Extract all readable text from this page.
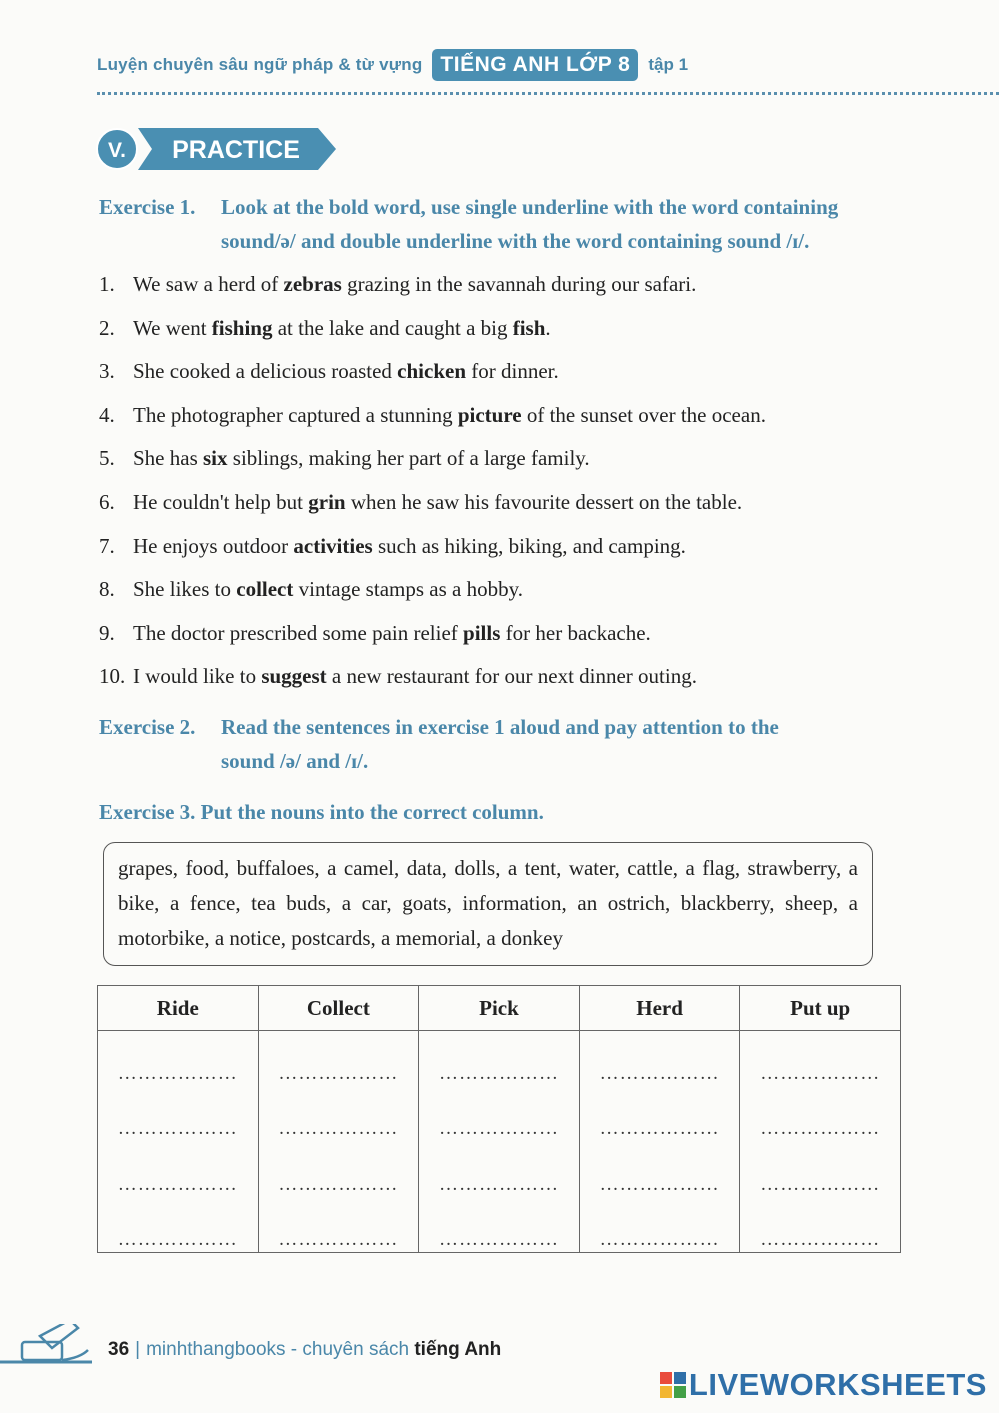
Luyện chuyên sâu ngữ pháp & từ vựng TIẾNG ANH LỚP 8	tập 1
V. PRACTICE
Exercise 1. Look at the bold word, use single underline with the word containing
sound/ə/ and double underline with the word containing sound /ɪ/.
1. We saw a herd of zebras grazing in the savannah during our safari.
2. We went fishing at the lake and caught a big fish.
3. She cooked a delicious roasted chicken for dinner.
4. The photographer captured a stunning picture of the sunset over the ocean.
5. She has six siblings, making her part of a large family.
6. He couldn't help but grin when he saw his favourite dessert on the table.
7. He enjoys outdoor activities such as hiking, biking, and camping.
8. She likes to collect vintage stamps as a hobby.
9. The doctor prescribed some pain relief pills for her backache.
10. I would like to suggest a new restaurant for our next dinner outing.
Exercise 2. Read the sentences in exercise 1 aloud and pay attention to the
sound /ə/ and /ɪ/.
Exercise 3. Put the nouns into the correct column.
grapes, food, buffaloes, a camel, data, dolls, a tent, water, cattle, a flag, strawberry, a bike, a fence, tea buds, a car, goats, information, an ostrich, blackberry, sheep, a motorbike, a notice, postcards, a memorial, a donkey
Ride	Collect	Pick	Herd	Put up
………………	………………	………………	………………	………………
………………	………………	………………	………………	………………
………………	………………	………………	………………	………………
………………	………………	………………	………………	………………
36 | minhthangbooks - chuyên sách tiếng Anh
LIVEWORKSHEETS
